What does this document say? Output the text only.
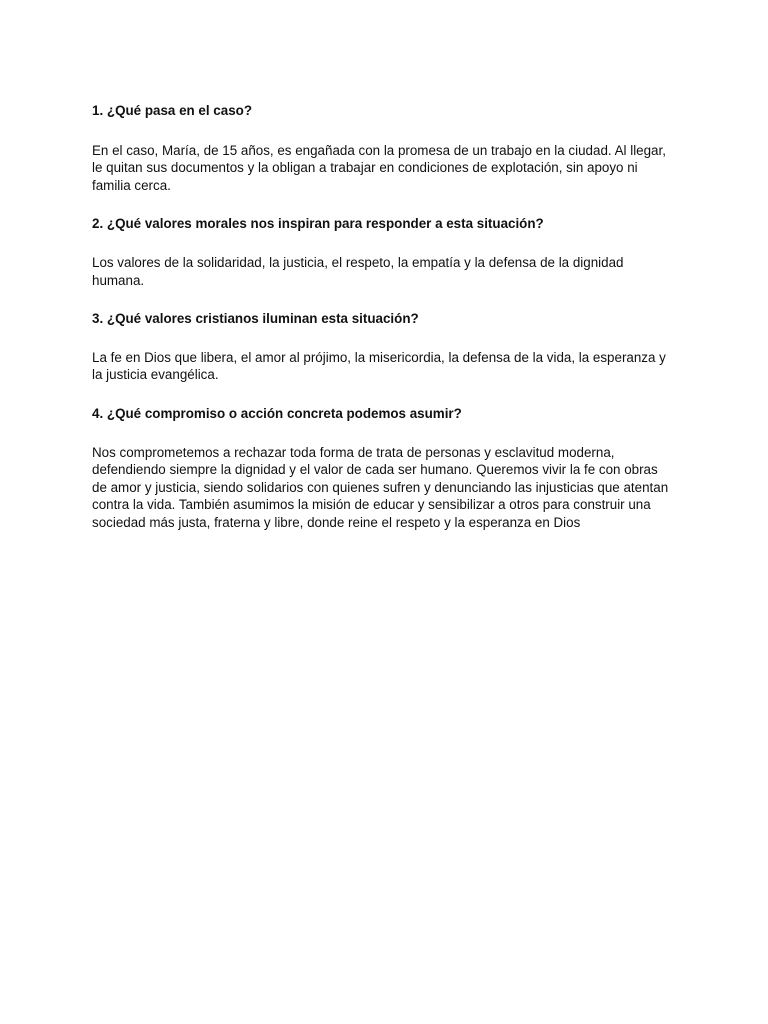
1. ¿Qué pasa en el caso?

En el caso, María, de 15 años, es engañada con la promesa de un trabajo en la ciudad. Al llegar, le quitan sus documentos y la obligan a trabajar en condiciones de explotación, sin apoyo ni familia cerca.

2. ¿Qué valores morales nos inspiran para responder a esta situación?

Los valores de la solidaridad, la justicia, el respeto, la empatía y la defensa de la dignidad humana.

3. ¿Qué valores cristianos iluminan esta situación?

La fe en Dios que libera, el amor al prójimo, la misericordia, la defensa de la vida, la esperanza y la justicia evangélica.

4. ¿Qué compromiso o acción concreta podemos asumir?

Nos comprometemos a rechazar toda forma de trata de personas y esclavitud moderna, defendiendo siempre la dignidad y el valor de cada ser humano. Queremos vivir la fe con obras de amor y justicia, siendo solidarios con quienes sufren y denunciando las injusticias que atentan contra la vida. También asumimos la misión de educar y sensibilizar a otros para construir una sociedad más justa, fraterna y libre, donde reine el respeto y la esperanza en Dios
